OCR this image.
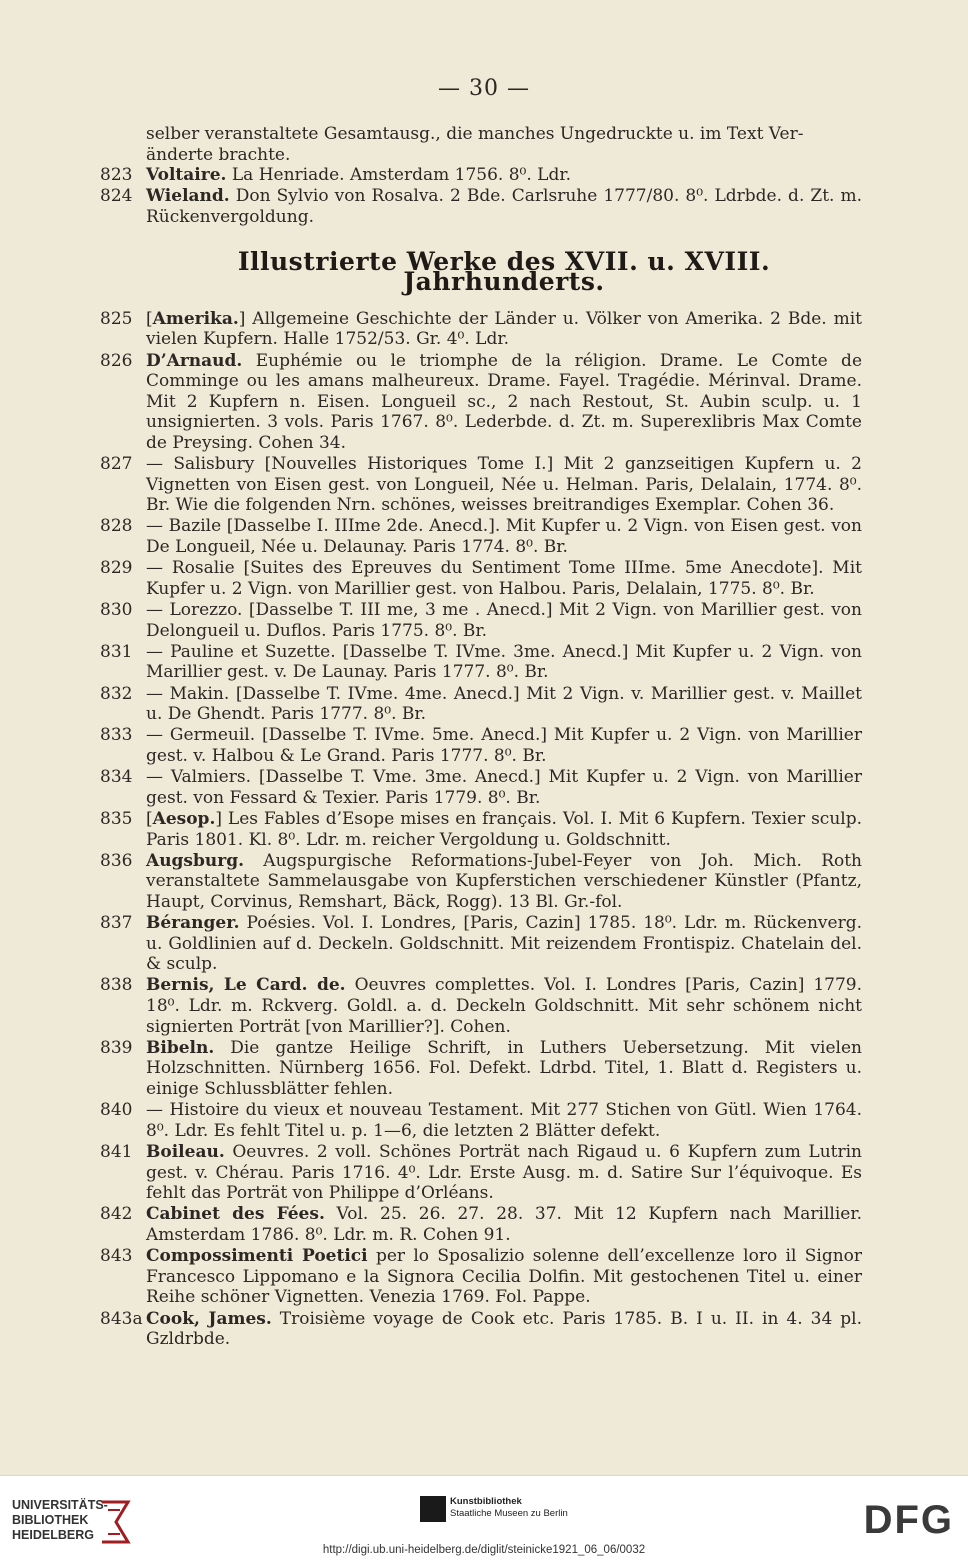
— 30 —
selber veranstaltete Gesamtausg., die manches Ungedruckte u. im Text Ver-
änderte brachte.
823 Voltaire. La Henriade. Amsterdam 1756. 8⁰. Ldr.
824 Wieland. Don Sylvio von Rosalva. 2 Bde. Carlsruhe 1777/80. 8⁰. Ldrbde. d. Zt. m. Rückenvergoldung.
Illustrierte Werke des XVII. u. XVIII. Jahrhunderts.
825 [Amerika.] Allgemeine Geschichte der Länder u. Völker von Amerika. 2 Bde. mit vielen Kupfern. Halle 1752/53. Gr. 4⁰. Ldr.
826 D’Arnaud. Euphémie ou le triomphe de la réligion. Drame. Le Comte de Comminge ou les amans malheureux. Drame. Fayel. Tragédie. Mérinval. Drame. Mit 2 Kupfern n. Eisen. Longueil sc., 2 nach Restout, St. Aubin sculp. u. 1 unsignierten. 3 vols. Paris 1767. 8⁰. Lederbde. d. Zt. m. Superexlibris Max Comte de Preysing. Cohen 34.
827 — Salisbury [Nouvelles Historiques Tome I.] Mit 2 ganzseitigen Kupfern u. 2 Vignetten von Eisen gest. von Longueil, Née u. Helman. Paris, Delalain, 1774. 8⁰. Br. Wie die folgenden Nrn. schönes, weisses breitrandiges Exemplar. Cohen 36.
828 — Bazile [Dasselbe I. IIIme 2de. Anecd.]. Mit Kupfer u. 2 Vign. von Eisen gest. von De Longueil, Née u. Delaunay. Paris 1774. 8⁰. Br.
829 — Rosalie [Suites des Epreuves du Sentiment Tome IIIme. 5me Anecdote]. Mit Kupfer u. 2 Vign. von Marillier gest. von Halbou. Paris, Delalain, 1775. 8⁰. Br.
830 — Lorezzo. [Dasselbe T. III me, 3 me . Anecd.] Mit 2 Vign. von Marillier gest. von Delongueil u. Duflos. Paris 1775. 8⁰. Br.
831 — Pauline et Suzette. [Dasselbe T. IVme. 3me. Anecd.] Mit Kupfer u. 2 Vign. von Marillier gest. v. De Launay. Paris 1777. 8⁰. Br.
832 — Makin. [Dasselbe T. IVme. 4me. Anecd.] Mit 2 Vign. v. Marillier gest. v. Maillet u. De Ghendt. Paris 1777. 8⁰. Br.
833 — Germeuil. [Dasselbe T. IVme. 5me. Anecd.] Mit Kupfer u. 2 Vign. von Marillier gest. v. Halbou & Le Grand. Paris 1777. 8⁰. Br.
834 — Valmiers. [Dasselbe T. Vme. 3me. Anecd.] Mit Kupfer u. 2 Vign. von Marillier gest. von Fessard & Texier. Paris 1779. 8⁰. Br.
835 [Aesop.] Les Fables d’Esope mises en français. Vol. I. Mit 6 Kupfern. Texier sculp. Paris 1801. Kl. 8⁰. Ldr. m. reicher Vergoldung u. Goldschnitt.
836 Augsburg. Augspurgische Reformations-Jubel-Feyer von Joh. Mich. Roth veranstaltete Sammelausgabe von Kupferstichen verschiedener Künstler (Pfantz, Haupt, Corvinus, Remshart, Bäck, Rogg). 13 Bl. Gr.-fol.
837 Béranger. Poésies. Vol. I. Londres, [Paris, Cazin] 1785. 18⁰. Ldr. m. Rückenverg. u. Goldlinien auf d. Deckeln. Goldschnitt. Mit reizendem Frontispiz. Chatelain del. & sculp.
838 Bernis, Le Card. de. Oeuvres complettes. Vol. I. Londres [Paris, Cazin] 1779. 18⁰. Ldr. m. Rckverg. Goldl. a. d. Deckeln Goldschnitt. Mit sehr schönem nicht signierten Porträt [von Marillier?]. Cohen.
839 Bibeln. Die gantze Heilige Schrift, in Luthers Uebersetzung. Mit vielen Holzschnitten. Nürnberg 1656. Fol. Defekt. Ldrbd. Titel, 1. Blatt d. Registers u. einige Schlussblätter fehlen.
840 — Histoire du vieux et nouveau Testament. Mit 277 Stichen von Gütl. Wien 1764. 8⁰. Ldr. Es fehlt Titel u. p. 1—6, die letzten 2 Blätter defekt.
841 Boileau. Oeuvres. 2 voll. Schönes Porträt nach Rigaud u. 6 Kupfern zum Lutrin gest. v. Chérau. Paris 1716. 4⁰. Ldr. Erste Ausg. m. d. Satire Sur l’équivoque. Es fehlt das Porträt von Philippe d’Orléans.
842 Cabinet des Fées. Vol. 25. 26. 27. 28. 37. Mit 12 Kupfern nach Marillier. Amsterdam 1786. 8⁰. Ldr. m. R. Cohen 91.
843 Compossimenti Poetici per lo Sposalizio solenne dell’excellenze loro il Signor Francesco Lippomano e la Signora Cecilia Dolfin. Mit gestochenen Titel u. einer Reihe schöner Vignetten. Venezia 1769. Fol. Pappe.
843a Cook, James. Troisième voyage de Cook etc. Paris 1785. B. I u. II. in 4. 34 pl. Gzldrbde.
UNIVERSITÄTS-
BIBLIOTHEK
HEIDELBERG
Kunstbibliothek
Staatliche Museen zu Berlin	DFG
http://digi.ub.uni-heidelberg.de/diglit/steinicke1921_06_06/0032
